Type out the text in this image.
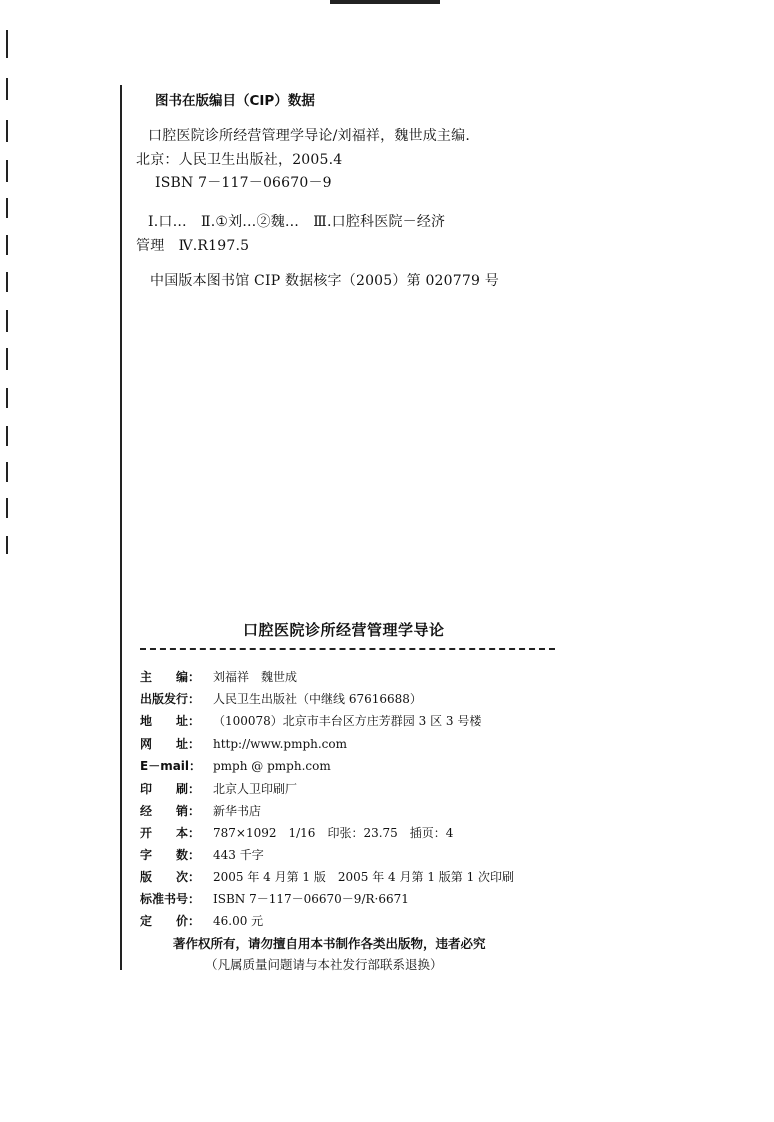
图书在版编目（CIP）数据
口腔医院诊所经营管理学导论/刘福祥，魏世成主编.
北京：人民卫生出版社，2005.4
ISBN 7－117－06670－9
Ⅰ.口…　Ⅱ.①刘…②魏…　Ⅲ.口腔科医院－经济
管理　Ⅳ.R197.5
中国版本图书馆 CIP 数据核字（2005）第 020779 号
口腔医院诊所经营管理学导论
主　　编： 刘福祥　魏世成
出版发行： 人民卫生出版社（中继线 67616688）
地　　址： （100078）北京市丰台区方庄芳群园 3 区 3 号楼
网　　址： http://www.pmph.com
E－mail： pmph @ pmph.com
印　　刷： 北京人卫印刷厂
经　　销： 新华书店
开　　本： 787×1092　1/16　印张：23.75　插页：4
字　　数： 443 千字
版　　次： 2005 年 4 月第 1 版　2005 年 4 月第 1 版第 1 次印刷
标准书号： ISBN 7－117－06670－9/R·6671
定　　价： 46.00 元
著作权所有，请勿擅自用本书制作各类出版物，违者必究
（凡属质量问题请与本社发行部联系退换）
